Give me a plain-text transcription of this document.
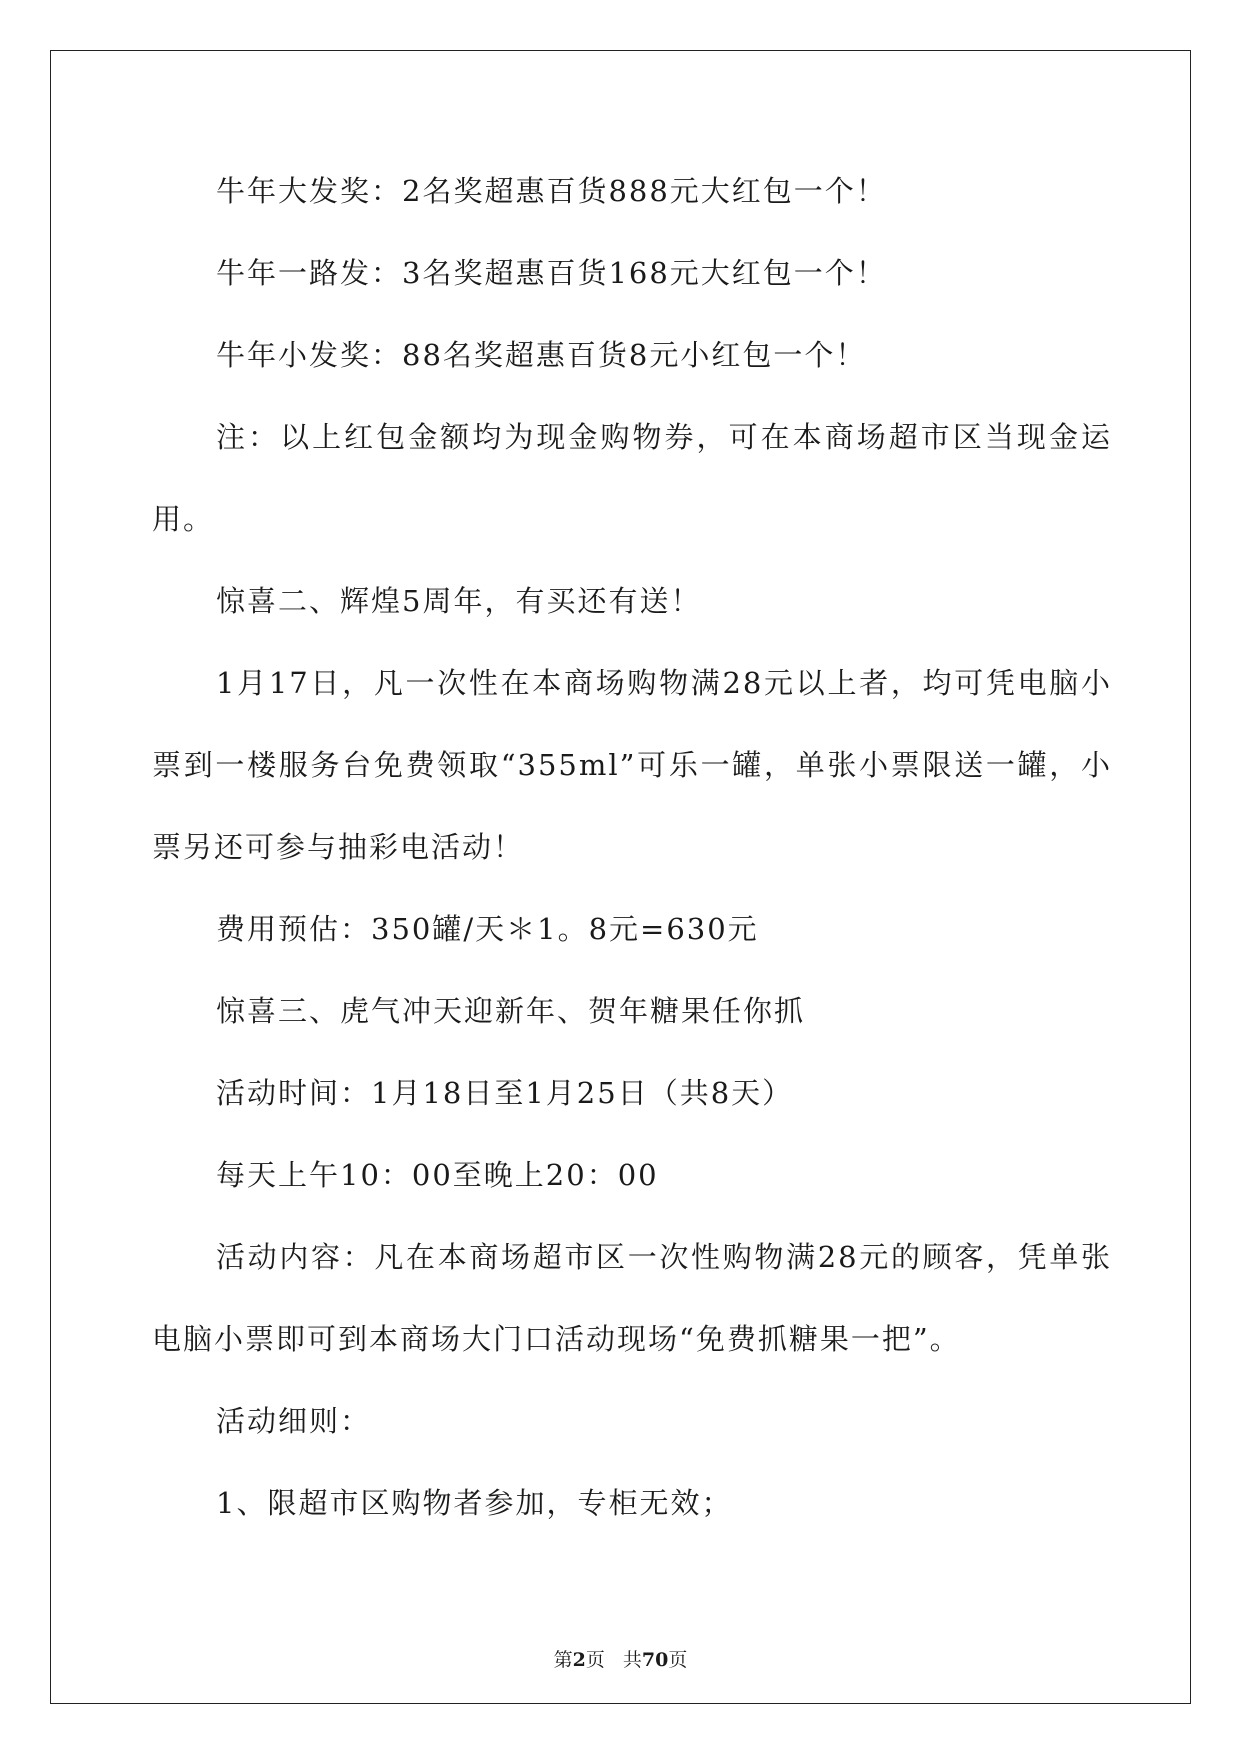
牛年大发奖：2名奖超惠百货888元大红包一个！

牛年一路发：3名奖超惠百货168元大红包一个！

牛年小发奖：88名奖超惠百货8元小红包一个！

注：以上红包金额均为现金购物券，可在本商场超市区当现金运用。

惊喜二、辉煌5周年，有买还有送！

1月17日，凡一次性在本商场购物满28元以上者，均可凭电脑小票到一楼服务台免费领取“355ml”可乐一罐，单张小票限送一罐，小票另还可参与抽彩电活动！

费用预估：350罐/天＊1。8元=630元

惊喜三、虎气冲天迎新年、贺年糖果任你抓

活动时间：1月18日至1月25日（共8天）

每天上午10：00至晚上20：00

活动内容：凡在本商场超市区一次性购物满28元的顾客，凭单张电脑小票即可到本商场大门口活动现场“免费抓糖果一把”。

活动细则：

1、限超市区购物者参加，专柜无效；

第2页 共70页
